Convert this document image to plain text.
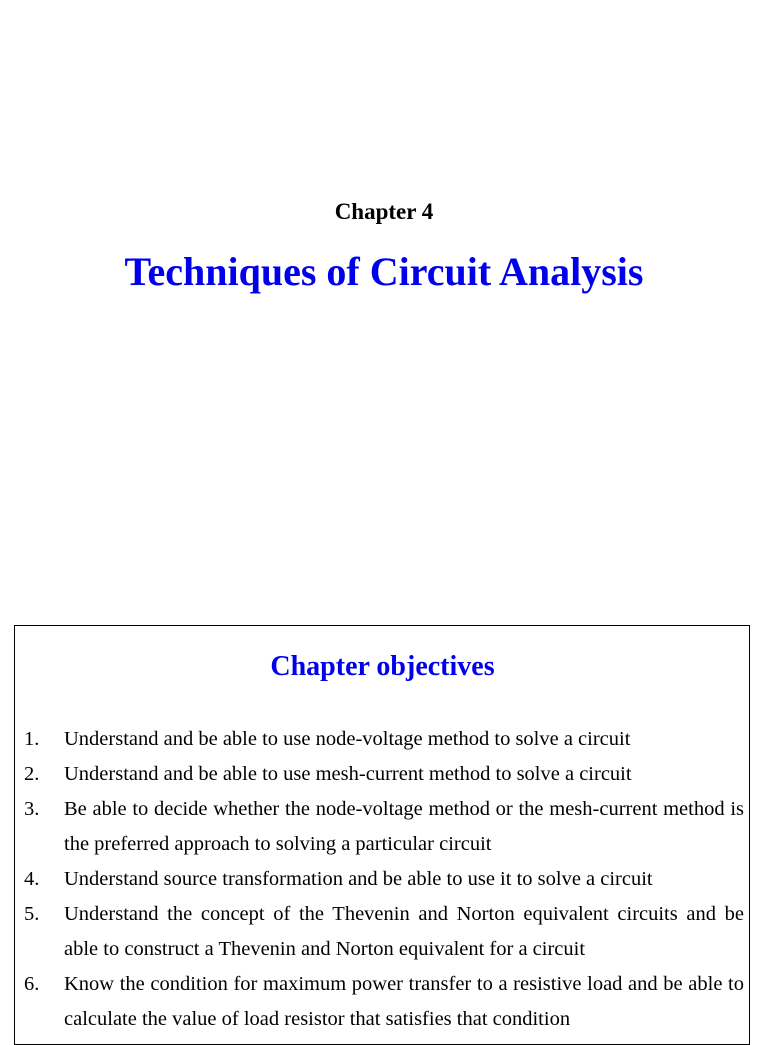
Chapter 4
Techniques of Circuit Analysis
Chapter objectives
1.	Understand and be able to use node-voltage method to solve a circuit
2.	Understand and be able to use mesh-current method to solve a circuit
3.	Be able to decide whether the node-voltage method or the mesh-current method is the preferred approach to solving a particular circuit
4.	Understand source transformation and be able to use it to solve a circuit
5.	Understand the concept of the Thevenin and Norton equivalent circuits and be able to construct a Thevenin and Norton equivalent for a circuit
6.	Know the condition for maximum power transfer to a resistive load and be able to calculate the value of load resistor that satisfies that condition
